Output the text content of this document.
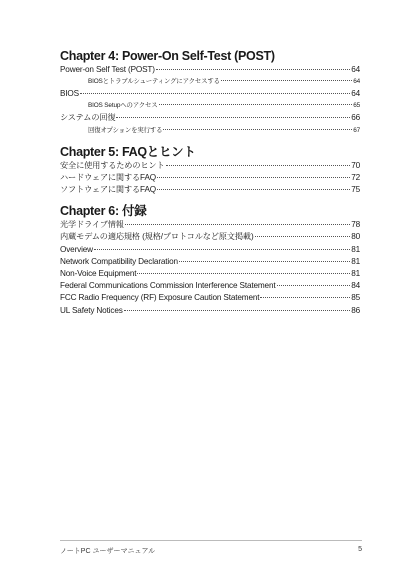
Chapter 4: Power-On Self-Test (POST)
Power-on Self Test (POST)	64
BIOSとトラブルシューティングにアクセスする	64
BIOS	64
BIOS Setupへのアクセス	65
システムの回復	66
回復オプションを実行する	67
Chapter 5: FAQとヒント
安全に使用するためのヒント	70
ハードウェアに関するFAQ	72
ソフトウェアに関するFAQ	75
Chapter 6: 付録
光学ドライブ情報	78
内蔵モデムの適応規格 (規格/プロトコルなど原文掲載)	80
Overview	81
Network Compatibility Declaration	81
Non-Voice Equipment	81
Federal Communications Commission Interference Statement	84
FCC Radio Frequency (RF) Exposure Caution Statement	85
UL Safety Notices	86
ノートPC ユーザーマニュアル	5
